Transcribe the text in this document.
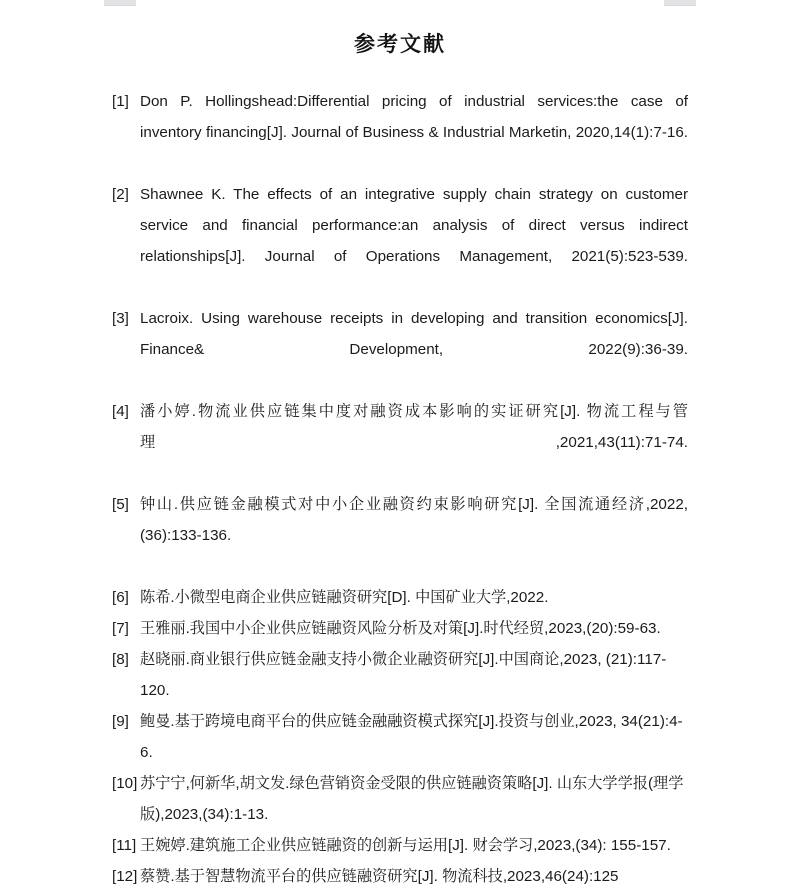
参考文献
[1] Don P. Hollingshead:Differential pricing of industrial services:the case of inventory financing[J]. Journal of Business & Industrial Marketin, 2020,14(1):7-16.
[2] Shawnee K. The effects of an integrative supply chain strategy on customer service and financial performance:an analysis of direct versus indirect relationships[J]. Journal of Operations Management, 2021(5):523-539.
[3] Lacroix. Using warehouse receipts in developing and transition economics[J]. Finance& Development, 2022(9):36-39.
[4] 潘小婷.物流业供应链集中度对融资成本影响的实证研究[J]. 物流工程与管理,2021,43(11):71-74.
[5] 钟山.供应链金融模式对中小企业融资约束影响研究[J]. 全国流通经济,2022,(36):133-136.
[6] 陈希.小微型电商企业供应链融资研究[D]. 中国矿业大学,2022.
[7] 王雅丽.我国中小企业供应链融资风险分析及对策[J].时代经贸,2023,(20):59-63.
[8] 赵晓丽.商业银行供应链金融支持小微企业融资研究[J].中国商论,2023, (21):117-120.
[9] 鲍曼.基于跨境电商平台的供应链金融融资模式探究[J].投资与创业,2023, 34(21):4-6.
[10] 苏宁宁,何新华,胡文发.绿色营销资金受限的供应链融资策略[J]. 山东大学学报(理学版),2023,(34):1-13.
[11] 王婉婷.建筑施工企业供应链融资的创新与运用[J]. 财会学习,2023,(34): 155-157.
[12] 蔡赞.基于智慧物流平台的供应链融资研究[J]. 物流科技,2023,46(24):125
